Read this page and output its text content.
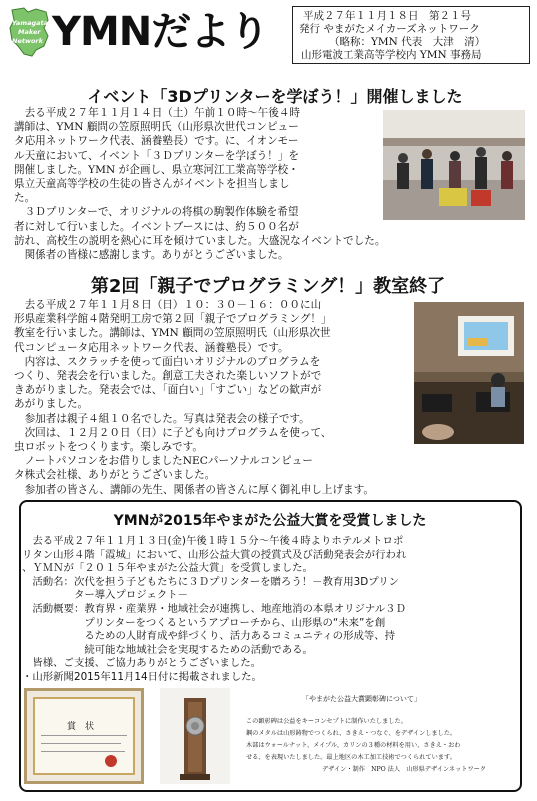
Yamagata
Maker
Network YMNだより	平成２７年１１月１８日　第２１号
発行 やまがたメイカーズネットワーク
（略称：YMN 代表　大津　清）
山形電波工業高等学校内 YMN 事務局
イベント「3Dプリンターを学ぼう！」開催しました
　去る平成２７年１１月１４日（土）午前１０時～午後４時
講師は、YMN 顧問の笠原照明氏（山形県次世代コンピュー
タ応用ネットワーク代表、涵養塾長）です。に、イオンモー
ル天童において、イベント「３Ｄプリンターを学ぼう！」を
開催しました。YMN が企画し、県立寒河江工業高等学校・
県立天童高等学校の生徒の皆さんがイベントを担当しまし
た。
　３Ｄプリンターで、オリジナルの将棋の駒製作体験を希望
者に対して行いました。イベントブースには、約５００名が
訪れ、高校生の説明を熱心に耳を傾けていました。大盛況なイベントでした。
　関係者の皆様に感謝します。ありがとうございました。
第2回「親子でプログラミング！」教室終了
　去る平成２７年１１月８日（日）１０：３０－１６：００に山
形県産業科学館４階発明工房で第２回「親子でプログラミング！」
教室を行いました。講師は、YMN 顧問の笠原照明氏（山形県次世
代コンピュータ応用ネットワーク代表、涵養塾長）です。
　内容は、スクラッチを使って面白いオリジナルのプログラムを
つくり、発表会を行いました。創意工夫された楽しいソフトがで
きあがりました。発表会では、「面白い」「すごい」などの歓声が
あがりました。
　参加者は親子４組１０名でした。写真は発表会の様子です。
　次回は、１２月２０日（日）に子ども向けプログラムを使って、
虫ロボットをつくります。楽しみです。
　ノートパソコンをお借りしましたNECパーソナルコンピュー
タ株式会社様、ありがとうございました。
　参加者の皆さん、講師の先生、関係者の皆さんに厚く御礼申し上げます。
YMNが2015年やまがた公益大賞を受賞しました
　去る平成２７年１１月１３日(金)午後１時１５分～午後４時よりホテルメトロポ
リタン山形４階「霞城」において、山形公益大賞の授賞式及び活動発表会が行われ
、ＹＭＮが「２０１５年やまがた公益大賞」を受賞しました。
　活動名：次代を担う子どもたちに３Ｄプリンターを贈ろう！－教育用3Dプリン
　　　　　ター導入プロジェクト－
　活動概要：教育界・産業界・地域社会が連携し、地産地消の本県オリジナル３Ｄ
　　　　　　プリンターをつくるというアプローチから、山形県の“未来”を創
　　　　　　るための人財育成や絆づくり、活力あるコミュニティの形成等、持
　　　　　　続可能な地域社会を実現するための活動である。
　皆様、ご支援、ご協力ありがとうございました。
・山形新聞2015年11月14日付に掲載されました。
賞　状
「やまがた公益大賞顕彰碑について」
この顕彰碑は公益をキーコンセプトに制作いたしました。
鋼のメタルは山形鋳物でつくられ、さきえ・つなぐ、をデザインしました。
木部はウォールナット、メイプル、カリンの３種の材料を用い、さきえ・おわ
せる、を表現いたしました。最上地区の木工加工技術でつくられています。
デザイン・制作　NPO 法人　山形県デザインネットワーク
